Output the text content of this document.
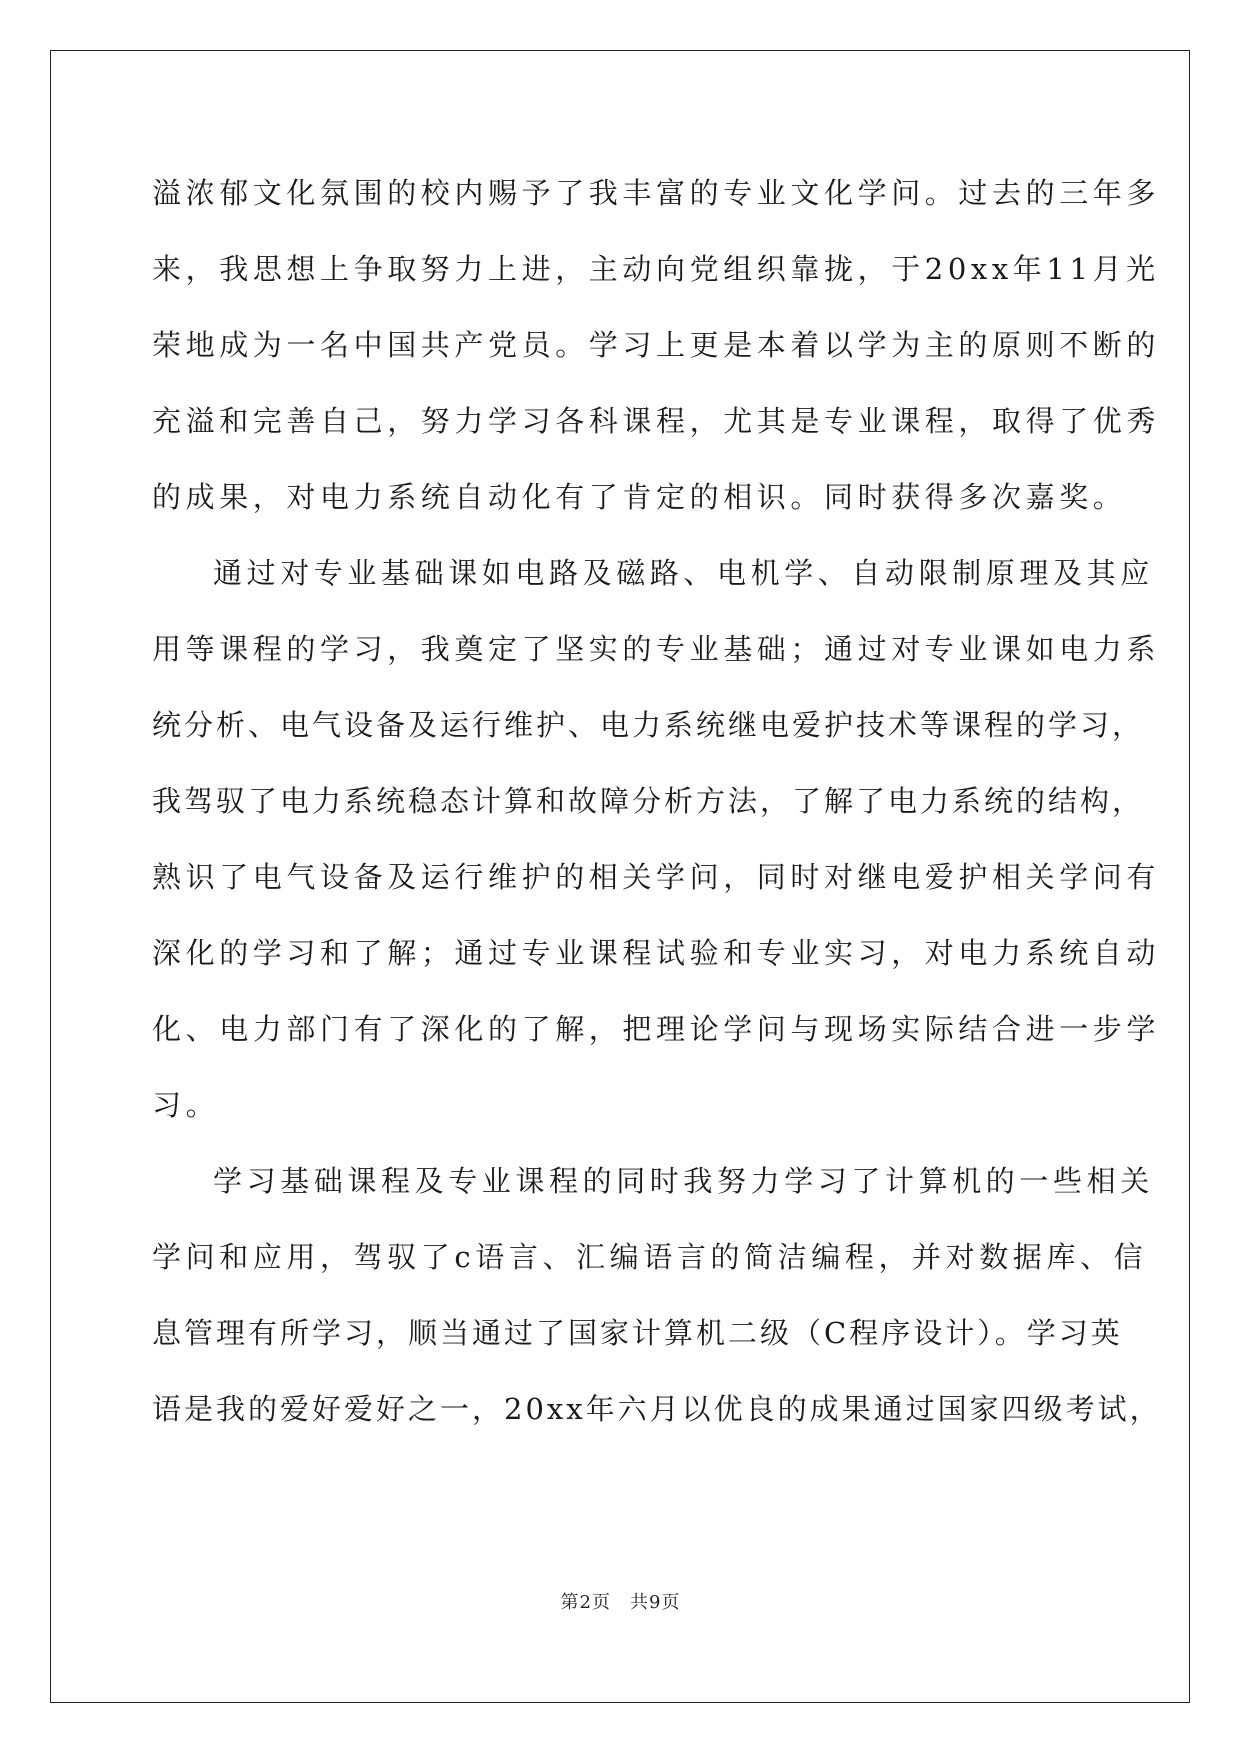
溢浓郁文化氛围的校内赐予了我丰富的专业文化学问。过去的三年多
来，我思想上争取努力上进，主动向党组织靠拢，于20xx年11月光
荣地成为一名中国共产党员。学习上更是本着以学为主的原则不断的
充溢和完善自己，努力学习各科课程，尤其是专业课程，取得了优秀
的成果，对电力系统自动化有了肯定的相识。同时获得多次嘉奖。
通过对专业基础课如电路及磁路、电机学、自动限制原理及其应
用等课程的学习，我奠定了坚实的专业基础；通过对专业课如电力系
统分析、电气设备及运行维护、电力系统继电爱护技术等课程的学习，
我驾驭了电力系统稳态计算和故障分析方法，了解了电力系统的结构，
熟识了电气设备及运行维护的相关学问，同时对继电爱护相关学问有
深化的学习和了解；通过专业课程试验和专业实习，对电力系统自动
化、电力部门有了深化的了解，把理论学问与现场实际结合进一步学
习。
学习基础课程及专业课程的同时我努力学习了计算机的一些相关
学问和应用，驾驭了c语言、汇编语言的简洁编程，并对数据库、信
息管理有所学习，顺当通过了国家计算机二级（C程序设计）。学习英
语是我的爱好爱好之一，20xx年六月以优良的成果通过国家四级考试，
第2页　共9页
